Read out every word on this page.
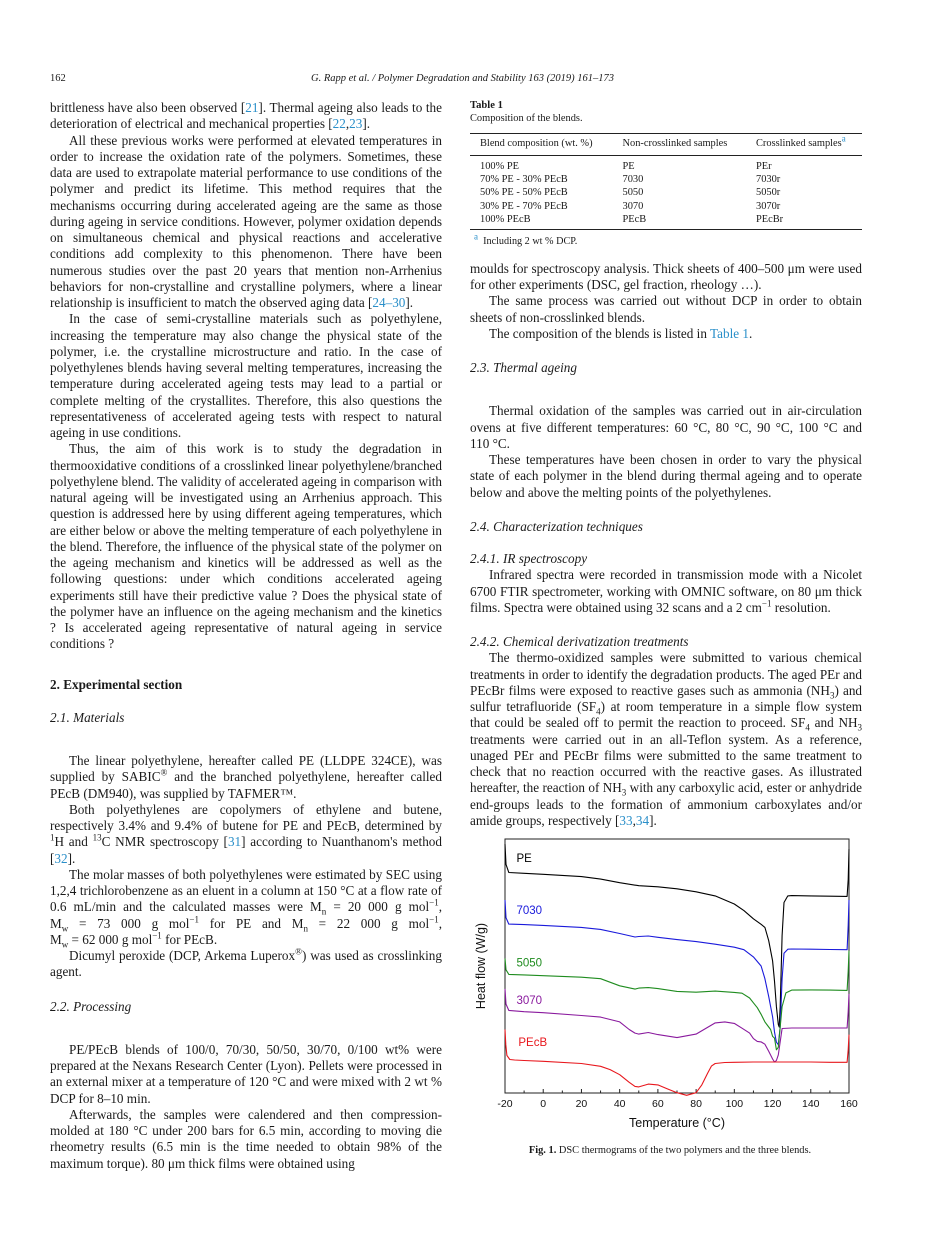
162	G. Rapp et al. / Polymer Degradation and Stability 163 (2019) 161–173

brittleness have also been observed [21]. Thermal ageing also leads to the deterioration of electrical and mechanical properties [22,23].

All these previous works were performed at elevated temperatures in order to increase the oxidation rate of the polymers. Sometimes, these data are used to extrapolate material performance to use conditions of the polymer and predict its lifetime. This method requires that the mechanisms occurring during accelerated ageing are the same as those during ageing in service conditions. However, polymer oxidation depends on simultaneous chemical and physical reactions and accelerative conditions add complexity to this phenomenon. There have been numerous studies over the past 20 years that mention non-Arrhenius behaviors for non-crystalline and crystalline polymers, where a linear relationship is insufficient to match the observed aging data [24–30].

In the case of semi-crystalline materials such as polyethylene, increasing the temperature may also change the physical state of the polymer, i.e. the crystalline microstructure and ratio. In the case of polyethylenes blends having several melting temperatures, increasing the temperature during accelerated ageing tests may lead to a partial or complete melting of the crystallites. Therefore, this also questions the representativeness of accelerated ageing tests with respect to natural ageing in use conditions.

Thus, the aim of this work is to study the degradation in thermooxidative conditions of a crosslinked linear polyethylene/branched polyethylene blend. The validity of accelerated ageing in comparison with natural ageing will be investigated using an Arrhenius approach. This question is addressed here by using different ageing temperatures, which are either below or above the melting temperature of each polyethylene in the blend. Therefore, the influence of the physical state of the polymer on the ageing mechanism and kinetics will be addressed as well as the following questions: under which conditions accelerated ageing experiments still have their predictive value ? Does the physical state of the polymer have an influence on the ageing mechanism and the kinetics ? Is accelerated ageing representative of natural ageing in service conditions ?

2. Experimental section
2.1. Materials

The linear polyethylene, hereafter called PE (LLDPE 324CE), was supplied by SABIC® and the branched polyethylene, hereafter called PEcB (DM940), was supplied by TAFMER™.

Both polyethylenes are copolymers of ethylene and butene, respectively 3.4% and 9.4% of butene for PE and PEcB, determined by $^1$H and $^{13}$C NMR spectroscopy [31] according to Nuanthanom's method [32].

The molar masses of both polyethylenes were estimated by SEC using 1,2,4 trichlorobenzene as an eluent in a column at 150 °C at a flow rate of 0.6 mL/min and the calculated masses were $M_n = 20$ 000 g mol$^{-1}$, $M_w = 73$ 000 g mol$^{-1}$ for PE and $M_n = 22$ 000 g mol$^{-1}$, $M_w = 62$ 000 g mol$^{-1}$ for PEcB.

Dicumyl peroxide (DCP, Arkema Luperox®) was used as crosslinking agent.

2.2. Processing

PE/PEcB blends of 100/0, 70/30, 50/50, 30/70, 0/100 wt% were prepared at the Nexans Research Center (Lyon). Pellets were processed in an external mixer at a temperature of 120 °C and were mixed with 2 wt % DCP for 8–10 min.

Afterwards, the samples were calendered and then compression-molded at 180 °C under 200 bars for 6.5 min, according to moving die rheometry results (6.5 min is the time needed to obtain 98% of the maximum torque). 80 μm thick films were obtained using

Table 1
Composition of the blends.
Blend composition (wt. %)	Non-crosslinked samples	Crosslinked samples$^a$
100% PE	PE	PEr
70% PE - 30% PEcB	7030	7030r
50% PE - 50% PEcB	5050	5050r
30% PE - 70% PEcB	3070	3070r
100% PEcB	PEcB	PEcBr
$^a$ Including 2 wt % DCP.

moulds for spectroscopy analysis. Thick sheets of 400–500 μm were used for other experiments (DSC, gel fraction, rheology …).

The same process was carried out without DCP in order to obtain sheets of non-crosslinked blends.

The composition of the blends is listed in Table 1.

2.3. Thermal ageing

Thermal oxidation of the samples was carried out in air-circulation ovens at five different temperatures: 60 °C, 80 °C, 90 °C, 100 °C and 110 °C.

These temperatures have been chosen in order to vary the physical state of each polymer in the blend during thermal ageing and to operate below and above the melting points of the polyethylenes.

2.4. Characterization techniques
2.4.1. IR spectroscopy

Infrared spectra were recorded in transmission mode with a Nicolet 6700 FTIR spectrometer, working with OMNIC software, on 80 μm thick films. Spectra were obtained using 32 scans and a 2 $cm^{-1}$ resolution.

2.4.2. Chemical derivatization treatments

The thermo-oxidized samples were submitted to various chemical treatments in order to identify the degradation products. The aged PEr and PEcBr films were exposed to reactive gases such as ammonia $(NH_3)$ and sulfur tetrafluoride $(SF_4)$ at room temperature in a simple flow system that could be sealed off to permit the reaction to proceed. $SF_4$ and $NH_3$ treatments were carried out in an all-Teflon system. As a reference, unaged PEr and PEcBr films were submitted to the same treatment to check that no reaction occurred with the reactive gases. As illustrated hereafter, the reaction of $NH_3$ with any carboxylic acid, ester or anhydride end-groups leads to the formation of ammonium carboxylates and/or amide groups, respectively [33,34].

-20	0	20	40	60	80 100 120 140 160
Temperature (°C)
Heat flow (W/g)
PE
7030
5050
3070
PEcB
Fig. 1. DSC thermograms of the two polymers and the three blends.
